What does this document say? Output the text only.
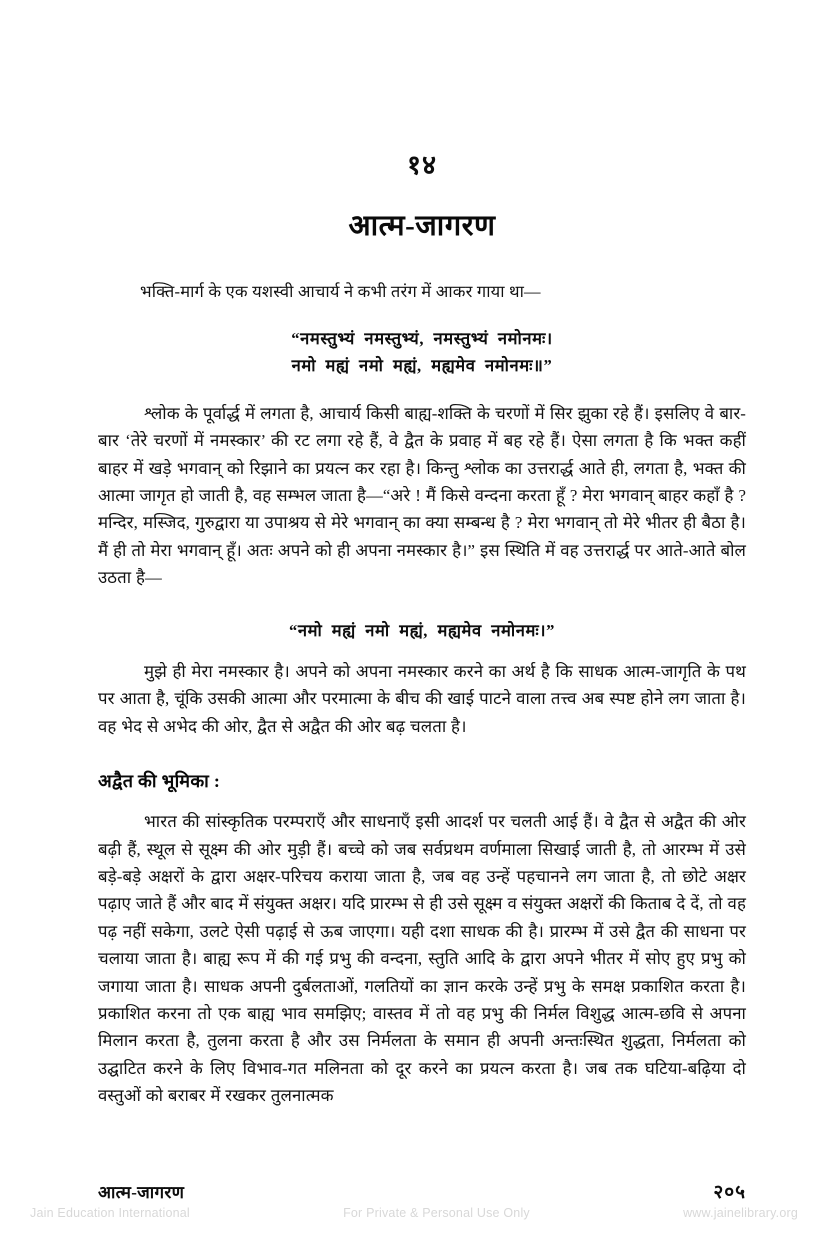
१४
आत्म-जागरण

भक्ति-मार्ग के एक यशस्वी आचार्य ने कभी तरंग में आकर गाया था—

“नमस्तुभ्यं  नमस्तुभ्यं,  नमस्तुभ्यं  नमोनमः।
नमो  मह्यं  नमो  मह्यं,  मह्यमेव  नमोनमः॥”

श्लोक के पूर्वार्द्ध में लगता है, आचार्य किसी बाह्य-शक्ति के चरणों में सिर झुका रहे हैं। इसलिए वे बार-बार ‘तेरे चरणों में नमस्कार’ की रट लगा रहे हैं, वे द्वैत के प्रवाह में बह रहे हैं। ऐसा लगता है कि भक्त कहीं बाहर में खड़े भगवान् को रिझाने का प्रयत्न कर रहा है। किन्तु श्लोक का उत्तरार्द्ध आते ही, लगता है, भक्त की आत्मा जागृत हो जाती है, वह सम्भल जाता है—“अरे ! मैं किसे वन्दना करता हूँ ? मेरा भगवान् बाहर कहाँ है ? मन्दिर, मस्जिद, गुरुद्वारा या उपाश्रय से मेरे भगवान् का क्या सम्बन्ध है ? मेरा भगवान् तो मेरे भीतर ही बैठा है। मैं ही तो मेरा भगवान् हूँ। अतः अपने को ही अपना नमस्कार है।” इस स्थिति में वह उत्तरार्द्ध पर आते-आते बोल उठता है—

“नमो  मह्यं  नमो  मह्यं,  मह्यमेव  नमोनमः।”

मुझे ही मेरा नमस्कार है। अपने को अपना नमस्कार करने का अर्थ है कि साधक आत्म-जागृति के पथ पर आता है, चूंकि उसकी आत्मा और परमात्मा के बीच की खाई पाटने वाला तत्त्व अब स्पष्ट होने लग जाता है। वह भेद से अभेद की ओर, द्वैत से अद्वैत की ओर बढ़ चलता है।

अद्वैत की भूमिका :

भारत की सांस्कृतिक परम्पराएँ और साधनाएँ इसी आदर्श पर चलती आई हैं। वे द्वैत से अद्वैत की ओर बढ़ी हैं, स्थूल से सूक्ष्म की ओर मुड़ी हैं। बच्चे को जब सर्वप्रथम वर्णमाला सिखाई जाती है, तो आरम्भ में उसे बड़े-बड़े अक्षरों के द्वारा अक्षर-परिचय कराया जाता है, जब वह उन्हें पहचानने लग जाता है, तो छोटे अक्षर पढ़ाए जाते हैं और बाद में संयुक्त अक्षर। यदि प्रारम्भ से ही उसे सूक्ष्म व संयुक्त अक्षरों की किताब दे दें, तो वह पढ़ नहीं सकेगा, उलटे ऐसी पढ़ाई से ऊब जाएगा। यही दशा साधक की है। प्रारम्भ में उसे द्वैत की साधना पर चलाया जाता है। बाह्य रूप में की गई प्रभु की वन्दना, स्तुति आदि के द्वारा अपने भीतर में सोए हुए प्रभु को जगाया जाता है। साधक अपनी दुर्बलताओं, गलतियों का ज्ञान करके उन्हें प्रभु के समक्ष प्रकाशित करता है। प्रकाशित करना तो एक बाह्य भाव समझिए; वास्तव में तो वह प्रभु की निर्मल विशुद्ध आत्म-छवि से अपना मिलान करता है, तुलना करता है और उस निर्मलता के समान ही अपनी अन्तःस्थित शुद्धता, निर्मलता को उद्घाटित करने के लिए विभाव-गत मलिनता को दूर करने का प्रयत्न करता है। जब तक घटिया-बढ़िया दो वस्तुओं को बराबर में रखकर तुलनात्मक

आत्म-जागरण	२०५
Jain Education International	For Private & Personal Use Only	www.jainelibrary.org
